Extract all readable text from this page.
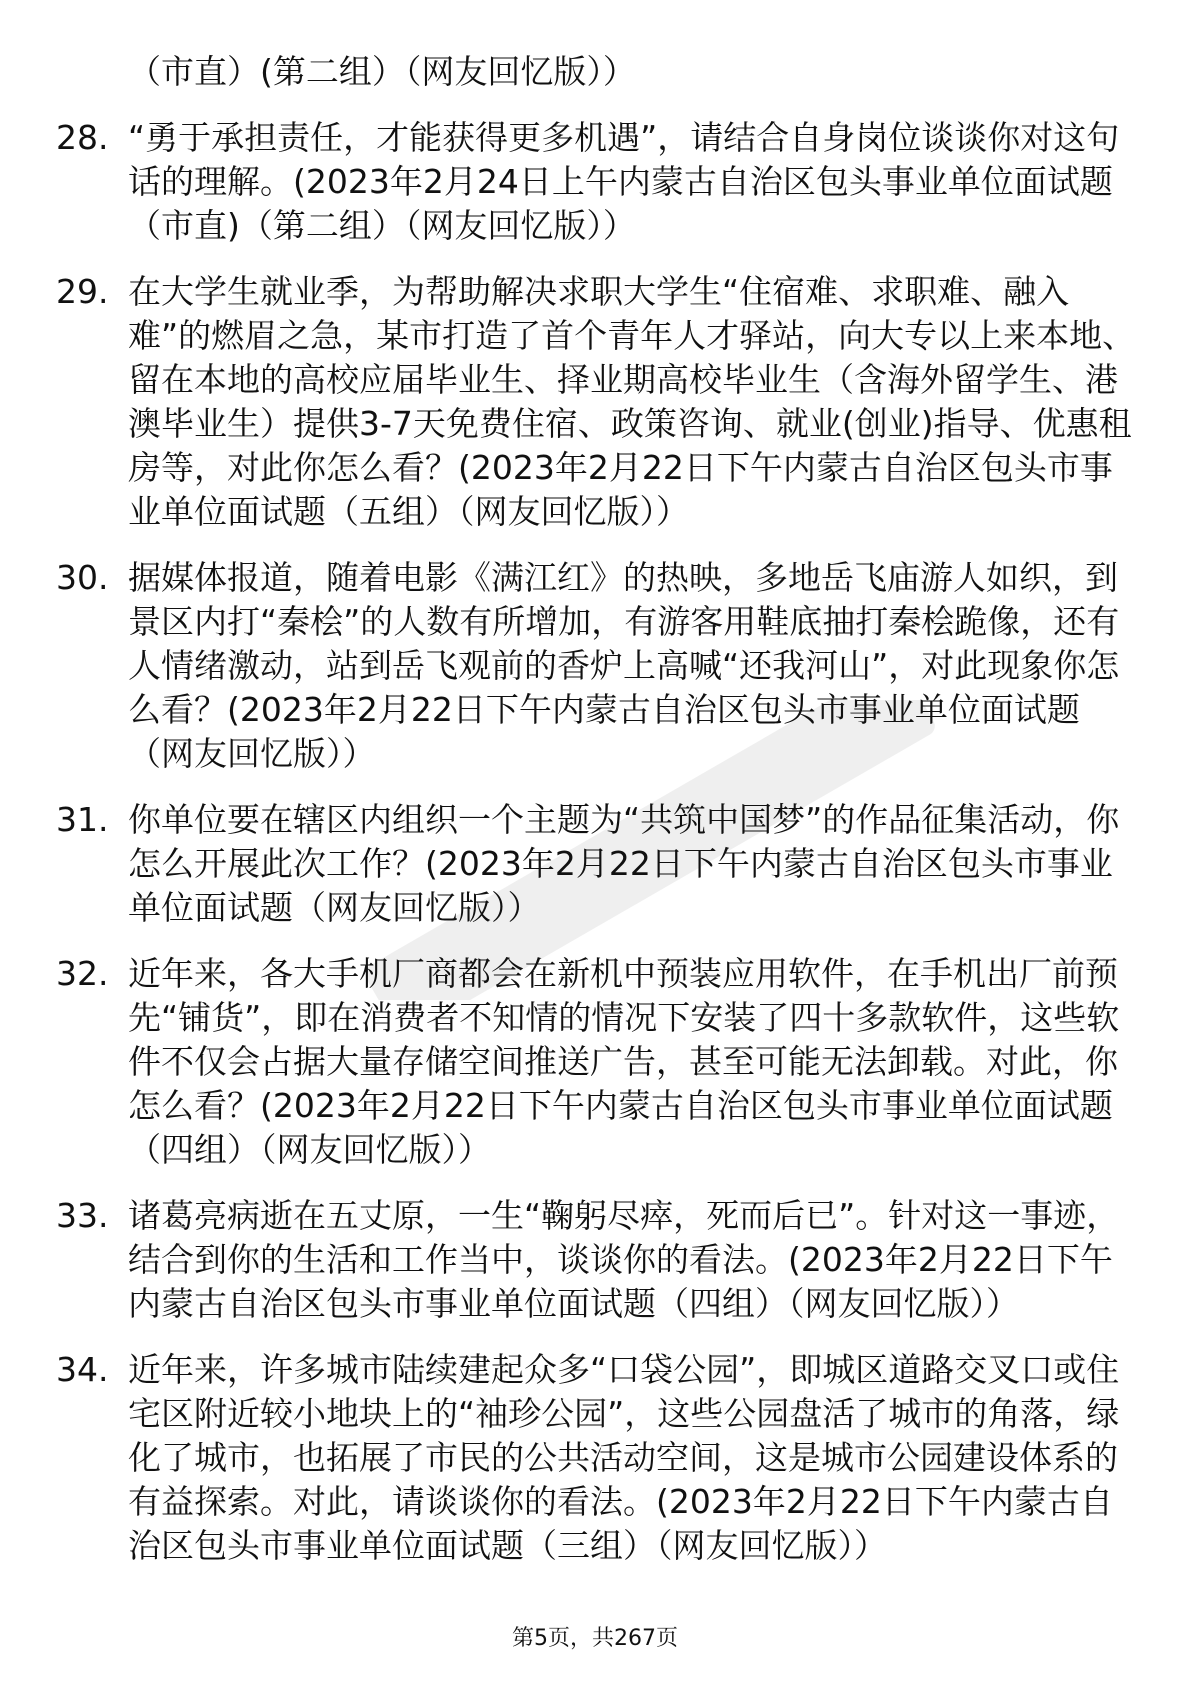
（市直）(第二组）（网友回忆版））
28. “勇于承担责任，才能获得更多机遇”，请结合自身岗位谈谈你对这句话的理解。(2023年2月24日上午内蒙古自治区包头事业单位面试题（市直)（第二组）（网友回忆版））
29. 在大学生就业季，为帮助解决求职大学生“住宿难、求职难、融入难”的燃眉之急，某市打造了首个青年人才驿站，向大专以上来本地、留在本地的高校应届毕业生、择业期高校毕业生（含海外留学生、港澳毕业生）提供3-7天免费住宿、政策咨询、就业(创业)指导、优惠租房等，对此你怎么看？(2023年2月22日下午内蒙古自治区包头市事业单位面试题（五组）（网友回忆版））
30. 据媒体报道，随着电影《满江红》的热映，多地岳飞庙游人如织，到景区内打“秦桧”的人数有所增加，有游客用鞋底抽打秦桧跪像，还有人情绪激动，站到岳飞观前的香炉上高喊“还我河山”，对此现象你怎么看？(2023年2月22日下午内蒙古自治区包头市事业单位面试题（网友回忆版））
31. 你单位要在辖区内组织一个主题为“共筑中国梦”的作品征集活动，你怎么开展此次工作？(2023年2月22日下午内蒙古自治区包头市事业单位面试题（网友回忆版））
32. 近年来，各大手机厂商都会在新机中预装应用软件，在手机出厂前预先“铺货”，即在消费者不知情的情况下安装了四十多款软件，这些软件不仅会占据大量存储空间推送广告，甚至可能无法卸载。对此，你怎么看？(2023年2月22日下午内蒙古自治区包头市事业单位面试题（四组）（网友回忆版））
33. 诸葛亮病逝在五丈原，一生“鞠躬尽瘁，死而后已”。针对这一事迹，结合到你的生活和工作当中，谈谈你的看法。(2023年2月22日下午内蒙古自治区包头市事业单位面试题（四组）（网友回忆版））
34. 近年来，许多城市陆续建起众多“口袋公园”，即城区道路交叉口或住宅区附近较小地块上的“袖珍公园”，这些公园盘活了城市的角落，绿化了城市，也拓展了市民的公共活动空间，这是城市公园建设体系的有益探索。对此，请谈谈你的看法。(2023年2月22日下午内蒙古自治区包头市事业单位面试题（三组）（网友回忆版））
第5页，共267页
